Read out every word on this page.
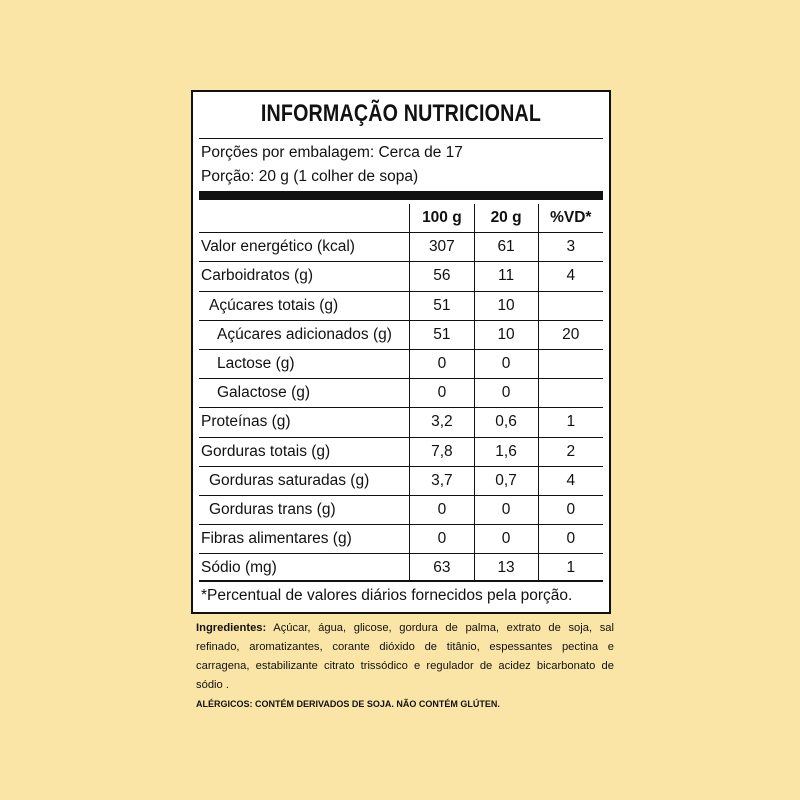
INFORMAÇÃO NUTRICIONAL
Porções por embalagem: Cerca de 17
Porção: 20 g (1 colher de sopa)
	100 g	20 g	%VD*
Valor energético (kcal)	307	61	3
Carboidratos (g)	56	11	4
Açúcares totais (g)	51	10	
Açúcares adicionados (g)	51	10	20
Lactose (g)	0	0	
Galactose (g)	0	0	
Proteínas (g)	3,2	0,6	1
Gorduras totais (g)	7,8	1,6	2
Gorduras saturadas (g)	3,7	0,7	4
Gorduras trans (g)	0	0	0
Fibras alimentares (g)	0	0	0
Sódio (mg)	63	13	1
*Percentual de valores diários fornecidos pela porção.
Ingredientes: Açúcar, água, glicose, gordura de palma, extrato de soja, sal refinado, aromatizantes, corante dióxido de titânio, espessantes pectina e carragena, estabilizante citrato trissódico e regulador de acidez bicarbonato de sódio .
ALÉRGICOS: CONTÉM DERIVADOS DE SOJA. NÃO CONTÉM GLÚTEN.
